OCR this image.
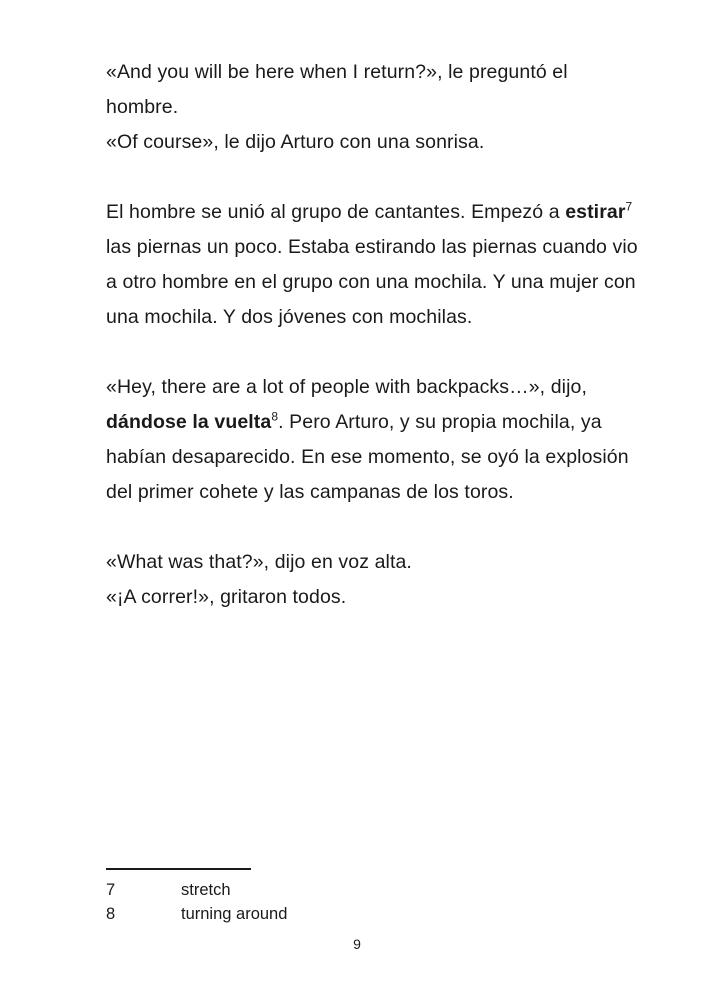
«And you will be here when I return?», le preguntó el
hombre.
«Of course», le dijo Arturo con una sonrisa.

El hombre se unió al grupo de cantantes. Empezó a estirar$^7$ las piernas un poco. Estaba estirando las piernas cuando vio a otro hombre en el grupo con una mochila. Y una mujer con una mochila. Y dos jóvenes con mochilas.

«Hey, there are a lot of people with backpacks…», dijo, dándose la vuelta$^8$. Pero Arturo, y su propia mochila, ya habían desaparecido. En ese momento, se oyó la explosión del primer cohete y las campanas de los toros.

«What was that?», dijo en voz alta.
«¡A correr!», gritaron todos.

7	stretch
8	turning around
9
